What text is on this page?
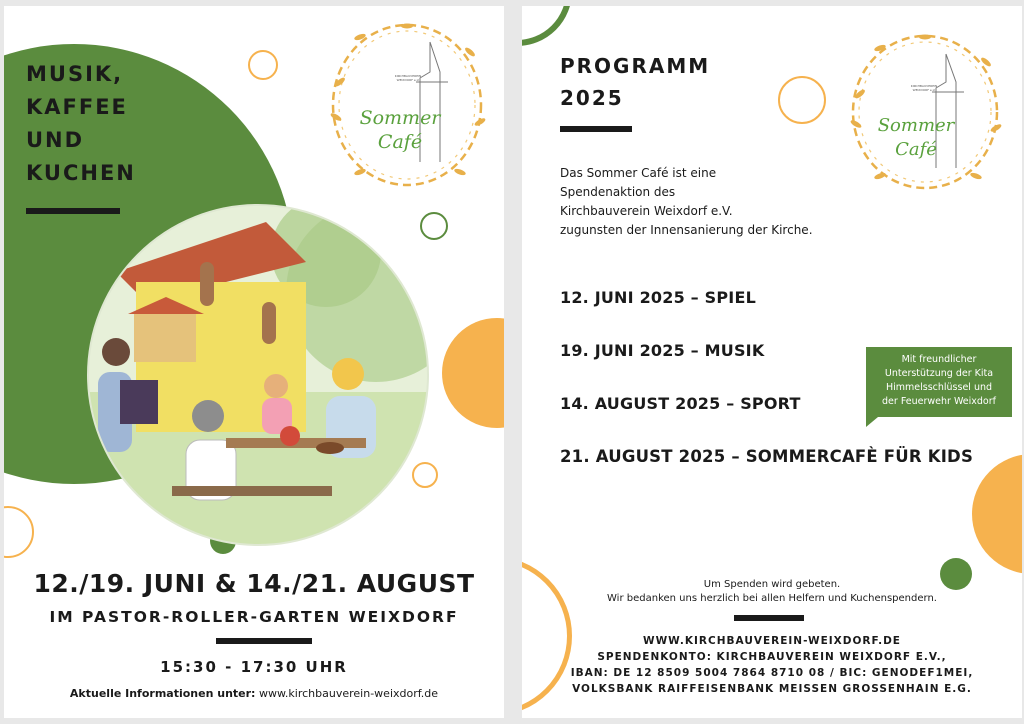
MUSIK,
KAFFEE
UND
KUCHEN
KIRCHBAUVEREIN
WEIXDORF e.V.
Sommer
Café
12./19. JUNI & 14./21. AUGUST
IM PASTOR-ROLLER-GARTEN WEIXDORF
15:30 - 17:30 UHR
Aktuelle Informationen unter: www.kirchbauverein-weixdorf.de
PROGRAMM
2025	KIRCHBAUVEREIN
WEIXDORF e.V.
Sommer
Café
Das Sommer Café ist eine
Spendenaktion des
Kirchbauverein Weixdorf e.V.
zugunsten der Innensanierung der Kirche.
12. JUNI 2025 – SPIEL
19. JUNI 2025 – MUSIK
14. AUGUST 2025 – SPORT
21. AUGUST 2025 – SOMMERCAFÈ FÜR KIDS
Mit freundlicher
Unterstützung der Kita
Himmelsschlüssel und
der Feuerwehr Weixdorf
Um Spenden wird gebeten.
Wir bedanken uns herzlich bei allen Helfern und Kuchenspendern.
WWW.KIRCHBAUVEREIN-WEIXDORF.DE
SPENDENKONTO: KIRCHBAUVEREIN WEIXDORF E.V.,
IBAN: DE 12 8509 5004 7864 8710 08 / BIC: GENODEF1MEI,
VOLKSBANK RAIFFEISENBANK MEISSEN GROSSENHAIN E.G.
